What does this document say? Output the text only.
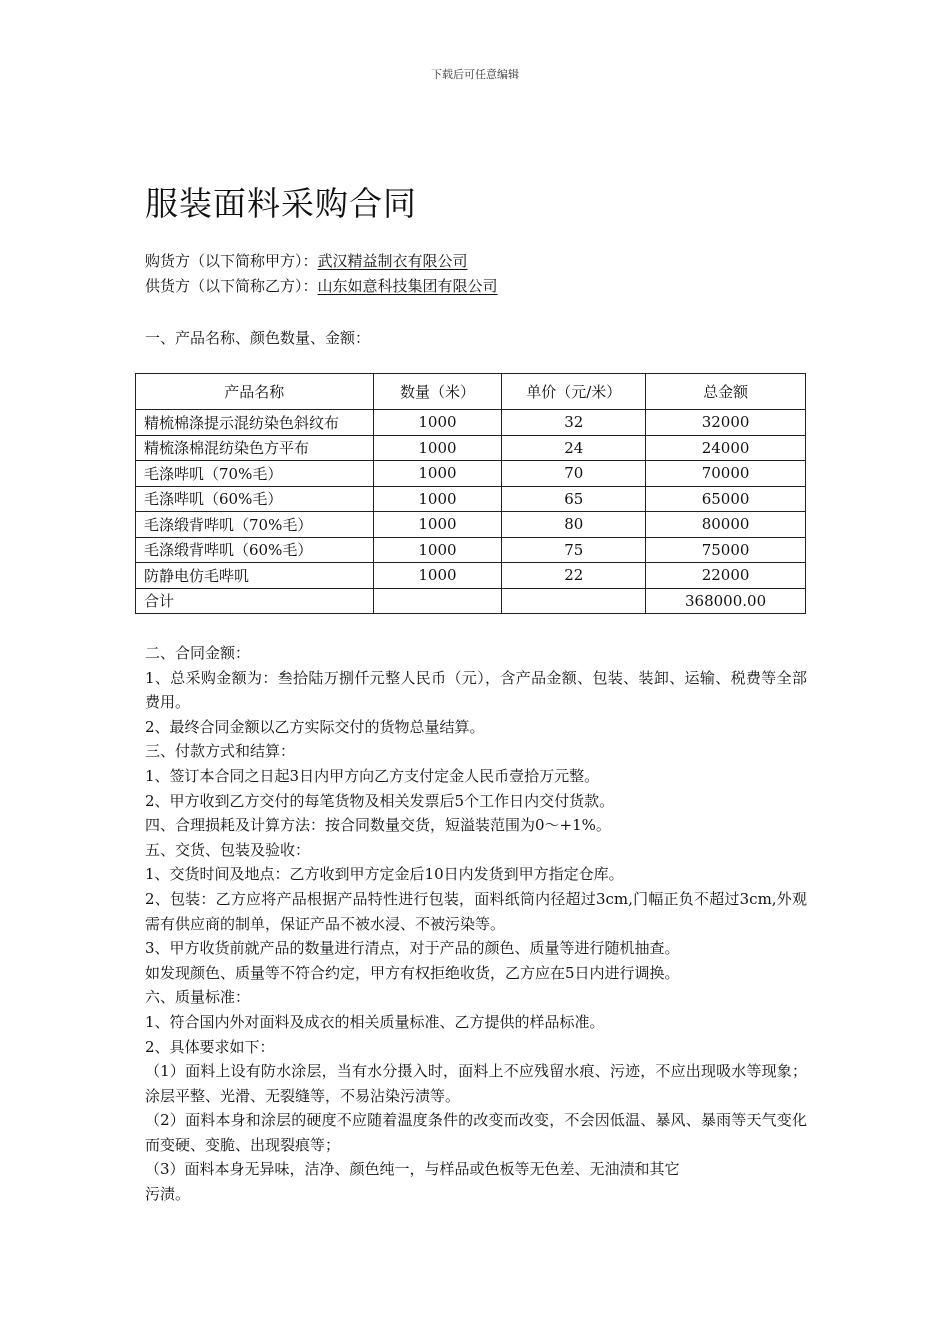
下载后可任意编辑
服装面料采购合同
购货方（以下简称甲方）：武汉精益制衣有限公司
供货方（以下简称乙方）：山东如意科技集团有限公司
一、产品名称、颜色数量、金额：
产品名称	数量（米）	单价（元/米）	总金额
精梳棉涤提示混纺染色斜纹布	1000	32	32000
精梳涤棉混纺染色方平布	1000	24	24000
毛涤哔叽（70%毛）	1000	70	70000
毛涤哔叽（60%毛）	1000	65	65000
毛涤缎背哔叽（70%毛）	1000	80	80000
毛涤缎背哔叽（60%毛）	1000	75	75000
防静电仿毛哔叽	1000	22	22000
合计			368000.00

二、合同金额：

1、总采购金额为：叁拾陆万捌仟元整人民币（元），含产品金额、包装、装卸、运输、税费等全部费用。

2、最终合同金额以乙方实际交付的货物总量结算。

三、付款方式和结算：

1、签订本合同之日起3日内甲方向乙方支付定金人民币壹拾万元整。

2、甲方收到乙方交付的每笔货物及相关发票后5个工作日内交付货款。

四、合理损耗及计算方法：按合同数量交货，短溢装范围为0～+1%。

五、交货、包装及验收：

1、交货时间及地点：乙方收到甲方定金后10日内发货到甲方指定仓库。

2、包装：乙方应将产品根据产品特性进行包装，面料纸筒内径超过3cm,门幅正负不超过3cm,外观需有供应商的制单，保证产品不被水浸、不被污染等。

3、甲方收货前就产品的数量进行清点，对于产品的颜色、质量等进行随机抽查。

如发现颜色、质量等不符合约定，甲方有权拒绝收货，乙方应在5日内进行调换。

六、质量标准：

1、符合国内外对面料及成衣的相关质量标准、乙方提供的样品标准。

2、具体要求如下：

（1）面料上设有防水涂层，当有水分摄入时，面料上不应残留水痕、污迹，不应出现吸水等现象；涂层平整、光滑、无裂缝等，不易沾染污渍等。

（2）面料本身和涂层的硬度不应随着温度条件的改变而改变，不会因低温、暴风、暴雨等天气变化而变硬、变脆、出现裂痕等；

（3）面料本身无异味，洁净、颜色纯一，与样品或色板等无色差、无油渍和其它

污渍。
